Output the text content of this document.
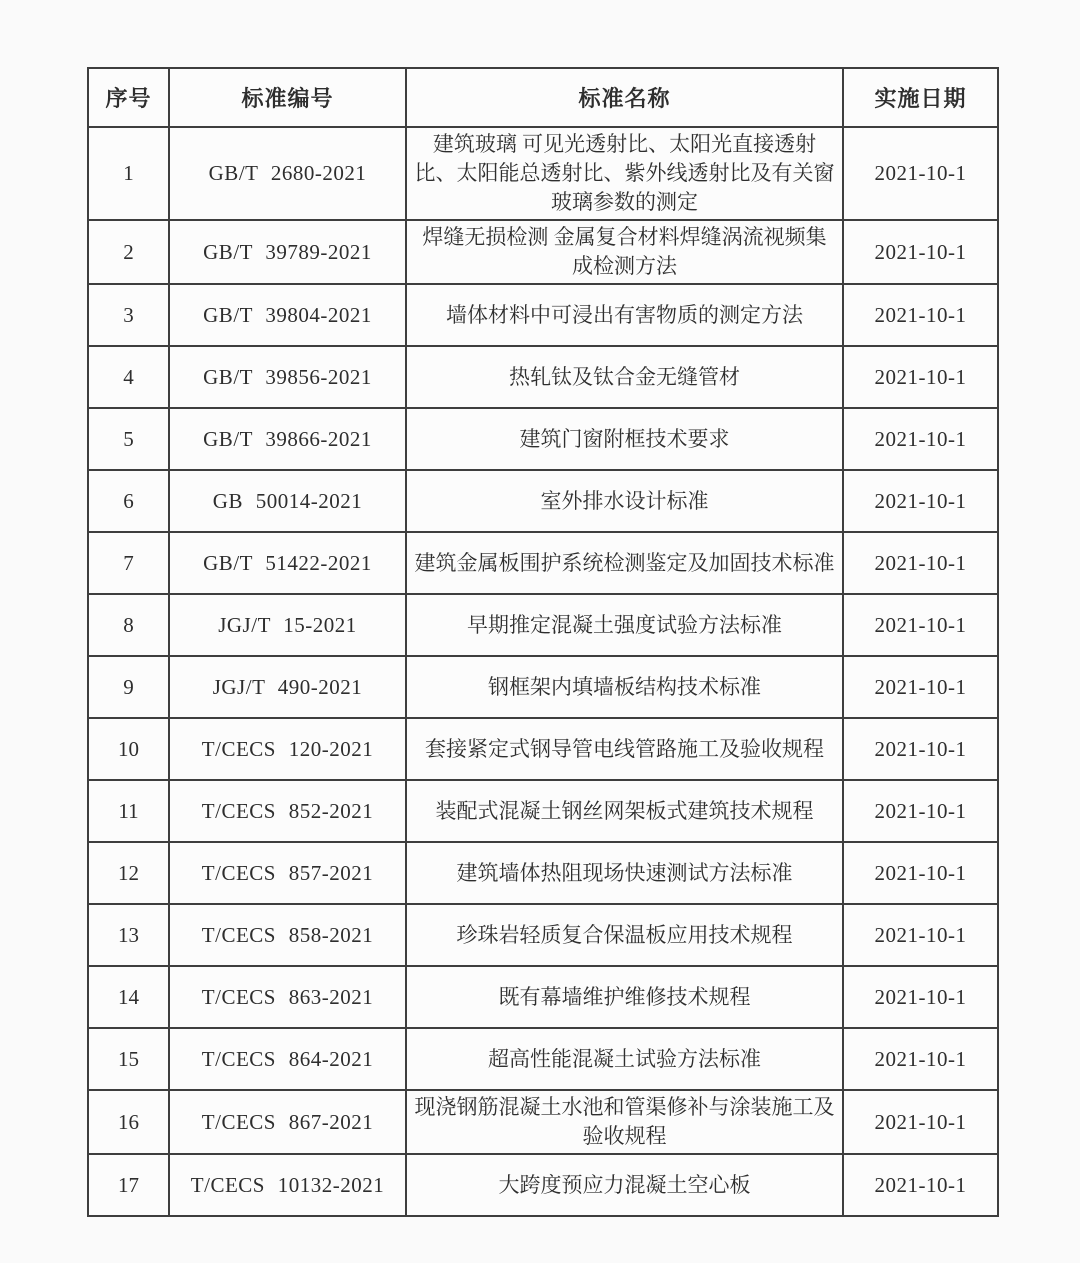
序号	标准编号	标准名称	实施日期
1	GB/T 2680-2021	建筑玻璃 可见光透射比、太阳光直接透射比、太阳能总透射比、紫外线透射比及有关窗玻璃参数的测定	2021-10-1
2	GB/T 39789-2021	焊缝无损检测 金属复合材料焊缝涡流视频集成检测方法	2021-10-1
3	GB/T 39804-2021	墙体材料中可浸出有害物质的测定方法	2021-10-1
4	GB/T 39856-2021	热轧钛及钛合金无缝管材	2021-10-1
5	GB/T 39866-2021	建筑门窗附框技术要求	2021-10-1
6	GB 50014-2021	室外排水设计标准	2021-10-1
7	GB/T 51422-2021	建筑金属板围护系统检测鉴定及加固技术标准	2021-10-1
8	JGJ/T 15-2021	早期推定混凝土强度试验方法标准	2021-10-1
9	JGJ/T 490-2021	钢框架内填墙板结构技术标准	2021-10-1
10	T/CECS 120-2021	套接紧定式钢导管电线管路施工及验收规程	2021-10-1
11	T/CECS 852-2021	装配式混凝土钢丝网架板式建筑技术规程	2021-10-1
12	T/CECS 857-2021	建筑墙体热阻现场快速测试方法标准	2021-10-1
13	T/CECS 858-2021	珍珠岩轻质复合保温板应用技术规程	2021-10-1
14	T/CECS 863-2021	既有幕墙维护维修技术规程	2021-10-1
15	T/CECS 864-2021	超高性能混凝土试验方法标准	2021-10-1
16	T/CECS 867-2021	现浇钢筋混凝土水池和管渠修补与涂装施工及验收规程	2021-10-1
17	T/CECS 10132-2021	大跨度预应力混凝土空心板	2021-10-1
